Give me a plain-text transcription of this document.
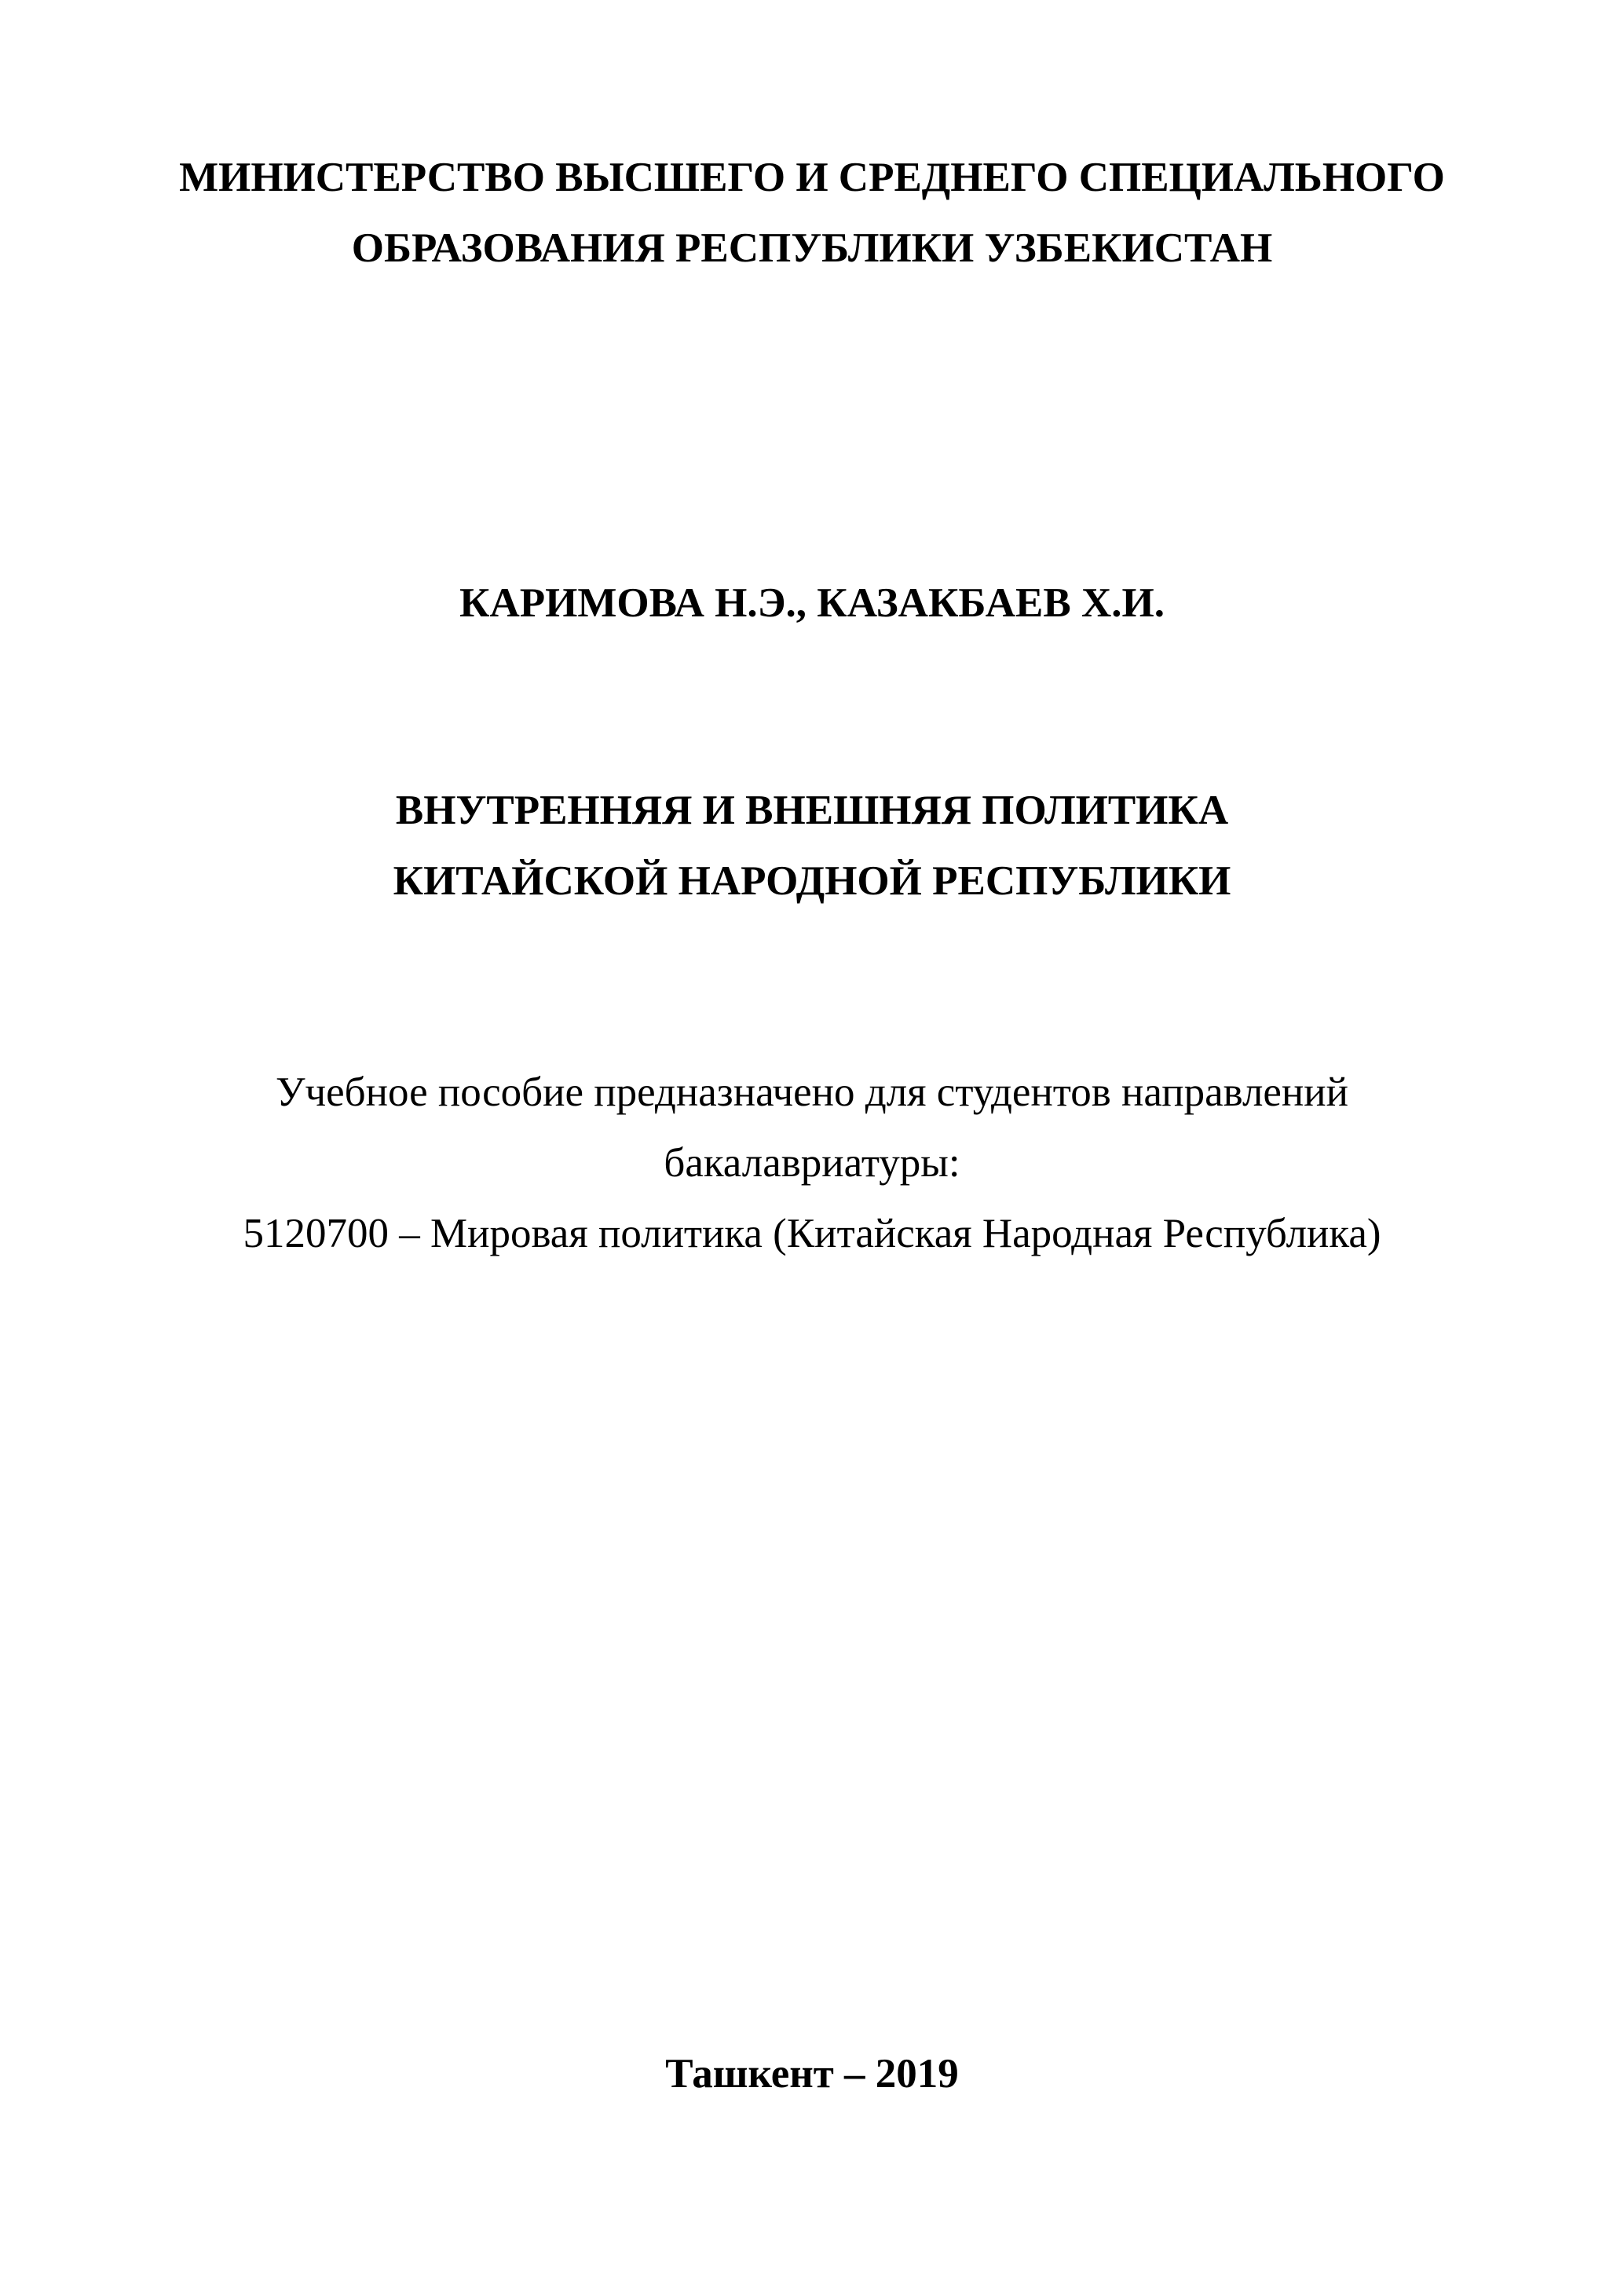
МИНИСТЕРСТВО ВЫСШЕГО И СРЕДНЕГО СПЕЦИАЛЬНОГО
ОБРАЗОВАНИЯ РЕСПУБЛИКИ УЗБЕКИСТАН
КАРИМОВА Н.Э., КАЗАКБАЕВ Х.И.
ВНУТРЕННЯЯ И ВНЕШНЯЯ ПОЛИТИКА
КИТАЙСКОЙ НАРОДНОЙ РЕСПУБЛИКИ
Учебное пособие предназначено для студентов направлений
бакалавриатуры:
5120700 – Мировая политика (Китайская Народная Республика)
Ташкент – 2019
